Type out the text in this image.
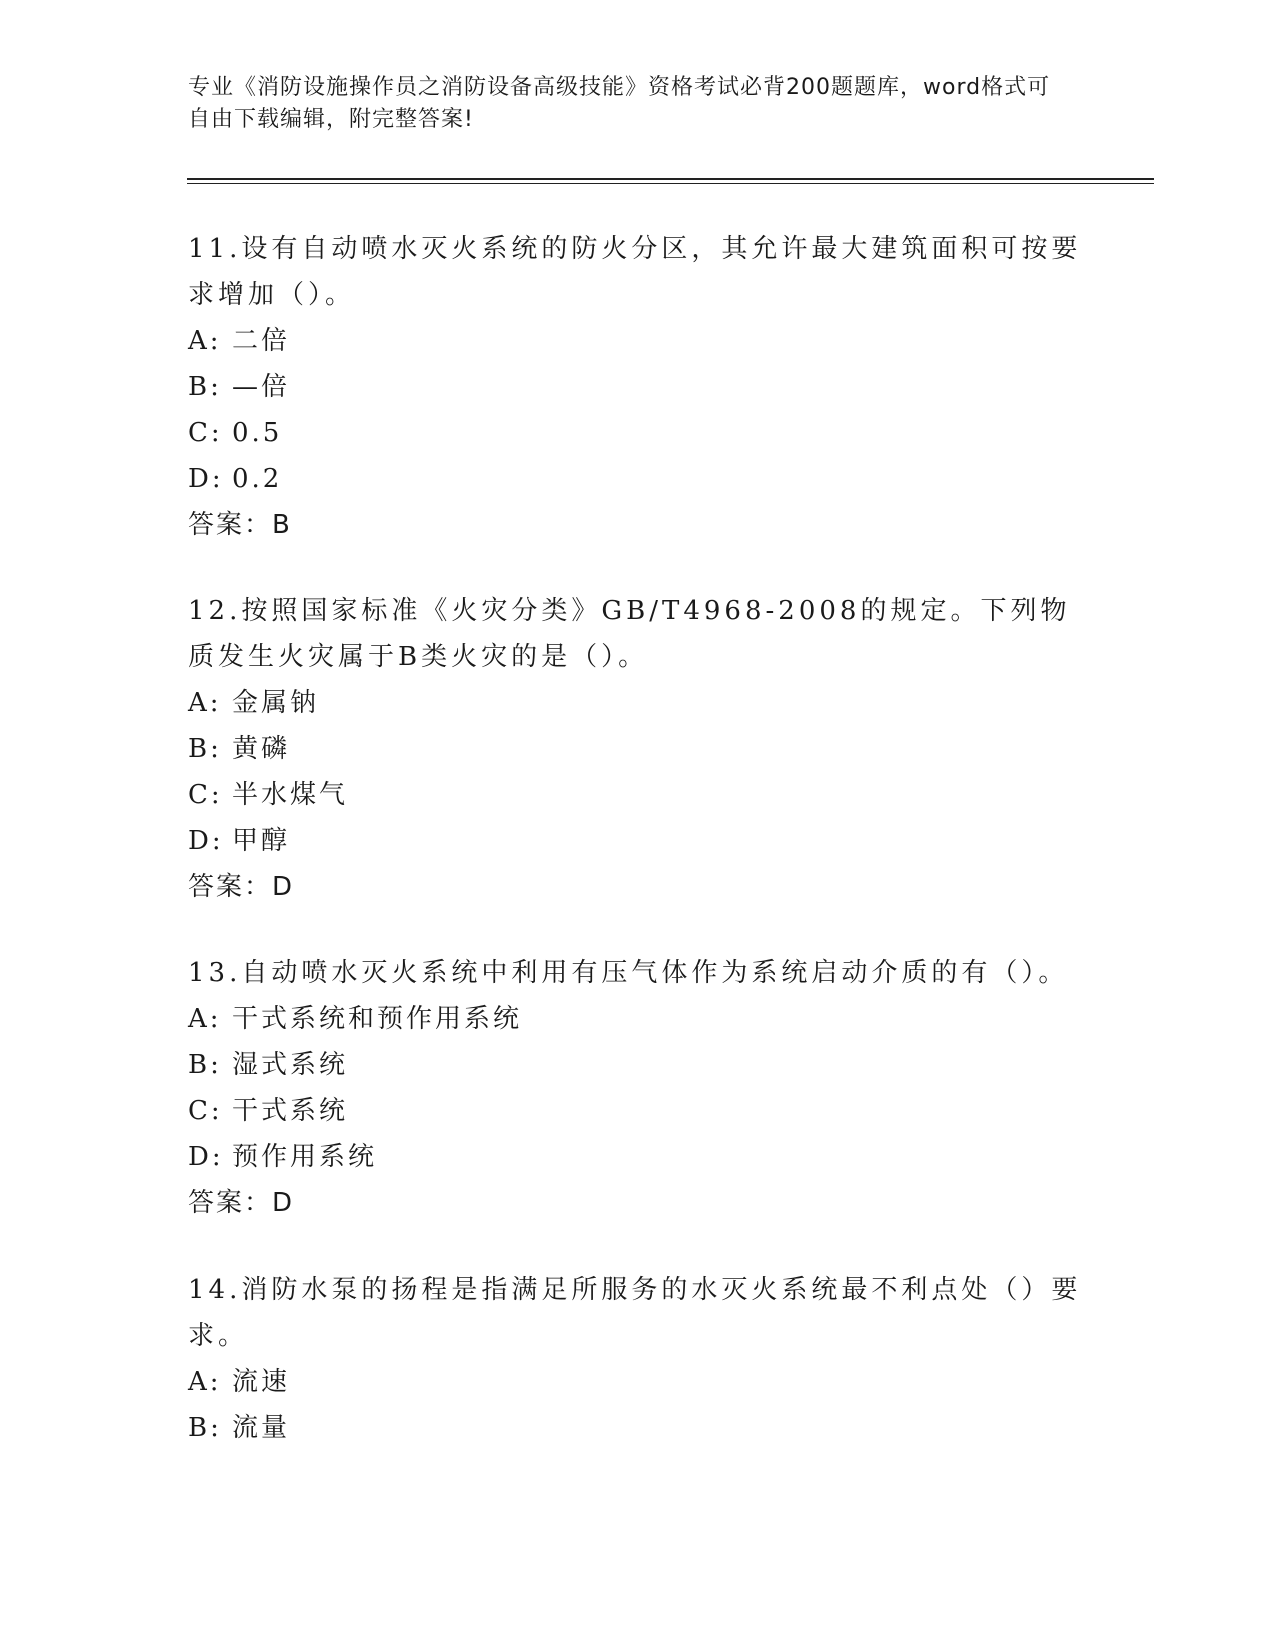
专业《消防设施操作员之消防设备高级技能》资格考试必背200题题库，word格式可自由下载编辑，附完整答案!

11.设有自动喷水灭火系统的防火分区，其允许最大建筑面积可按要求增加（）。

A: 二倍

B: —倍

C: 0.5

D: 0.2

答案：B

12.按照国家标准《火灾分类》GB/T4968-2008的规定。下列物质发生火灾属于B类火灾的是（）。

A: 金属钠

B: 黄磷

C: 半水煤气

D: 甲醇

答案：D

13.自动喷水灭火系统中利用有压气体作为系统启动介质的有（）。

A: 干式系统和预作用系统

B: 湿式系统

C: 干式系统

D: 预作用系统

答案：D

14.消防水泵的扬程是指满足所服务的水灭火系统最不利点处（）要求。

A: 流速

B: 流量
